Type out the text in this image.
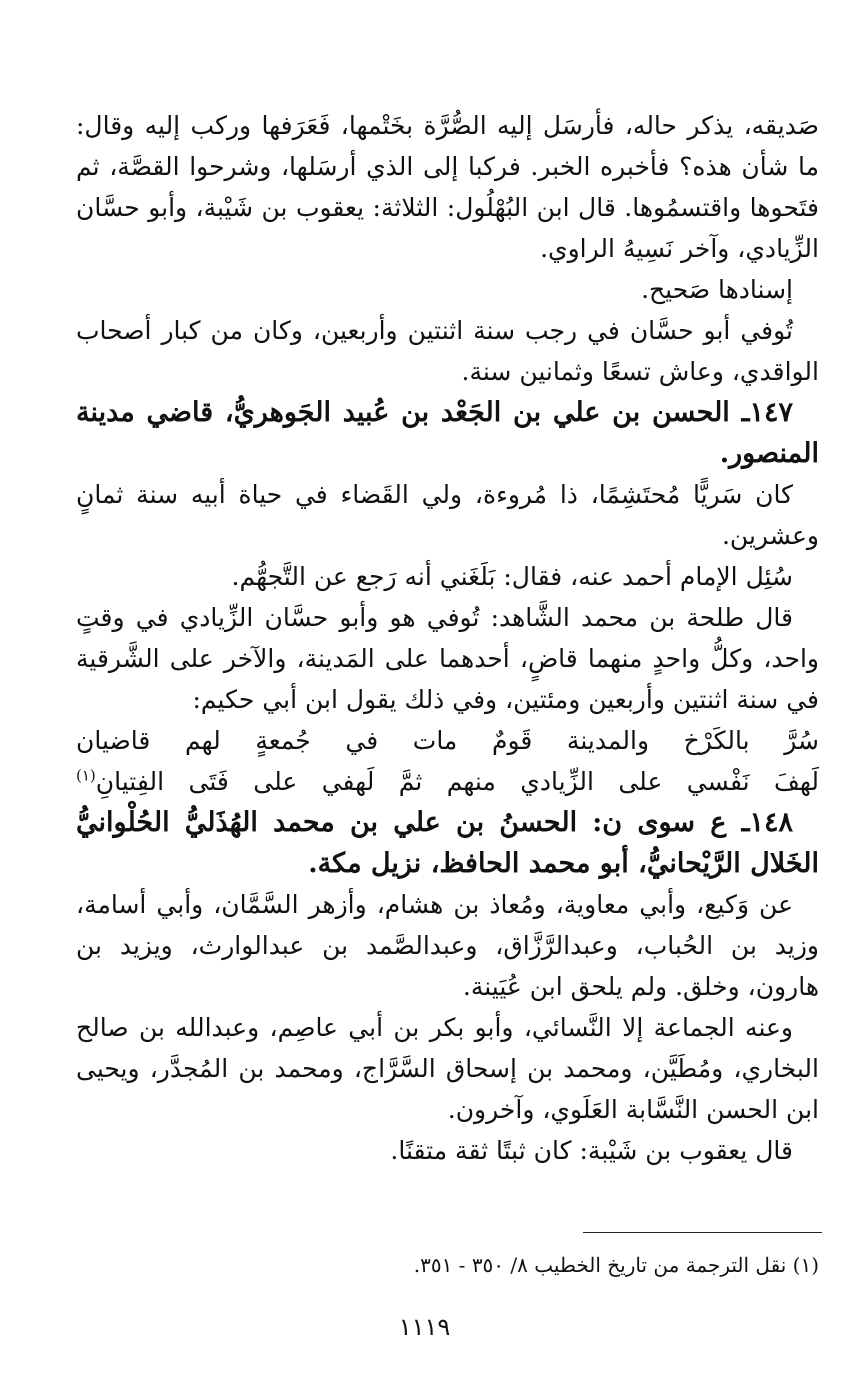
صَديقه، يذكر حاله، فأرسَل إليه الصُّرَّة بخَتْمها، فَعَرَفها وركب إليه وقال: ما شأن هذه؟ فأخبره الخبر. فركبا إلى الذي أرسَلها، وشرحوا القصَّة، ثم فتَحوها واقتسمُوها. قال ابن البُهْلُول: الثلاثة: يعقوب بن شَيْبة، وأبو حسَّان الزِّيادي، وآخر نَسِيهُ الراوي.

إسنادها صَحيح.

تُوفي أبو حسَّان في رجب سنة اثنتين وأربعين، وكان من كبار أصحاب الواقدي، وعاش تسعًا وثمانين سنة.

١٤٧ـ الحسن بن علي بن الجَعْد بن عُبيد الجَوهريُّ، قاضي مدينة المنصور.

كان سَريًّا مُحتَشِمًا، ذا مُروءة، ولي القَضاء في حياة أبيه سنة ثمانٍ وعشرين.

سُئِل الإمام أحمد عنه، فقال: بَلَغَني أنه رَجع عن التَّجهُّم.

قال طلحة بن محمد الشَّاهد: تُوفي هو وأبو حسَّان الزِّيادي في وقتٍ واحد، وكلُّ واحدٍ منهما قاضٍ، أحدهما على المَدينة، والآخر على الشَّرقية في سنة اثنتين وأربعين ومئتين، وفي ذلك يقول ابن أبي حكيم:

سُرَّ بالكَرْخ والمدينة قَومٌ مات في جُمعةٍ لهم قاضيان

لَهفَ نَفْسي على الزِّيادي منهم ثمَّ لَهفي على فَتَى الفِتيانِ$^{(١)}$

١٤٨ـ ع سوى ن: الحسنُ بن علي بن محمد الهُذَليُّ الحُلْوانيُّ الخَلال الرَّيْحانيُّ، أبو محمد الحافظ، نزيل مكة.

عن وَكيع، وأبي معاوية، ومُعاذ بن هشام، وأزهر السَّمَّان، وأبي أسامة، وزيد بن الحُباب، وعبدالرَّزَّاق، وعبدالصَّمد بن عبدالوارث، ويزيد بن هارون، وخلق. ولم يلحق ابن عُيَينة.

وعنه الجماعة إلا النَّسائي، وأبو بكر بن أبي عاصِم، وعبدالله بن صالح البخاري، ومُطَيَّن، ومحمد بن إسحاق السَّرَّاج، ومحمد بن المُجدَّر، ويحيى ابن الحسن النَّسَّابة العَلَوي، وآخرون.

قال يعقوب بن شَيْبة: كان ثبتًا ثقة متقنًا.

(١) نقل الترجمة من تاريخ الخطيب ٨/ ٣٥٠ - ٣٥١.

١١١٩
